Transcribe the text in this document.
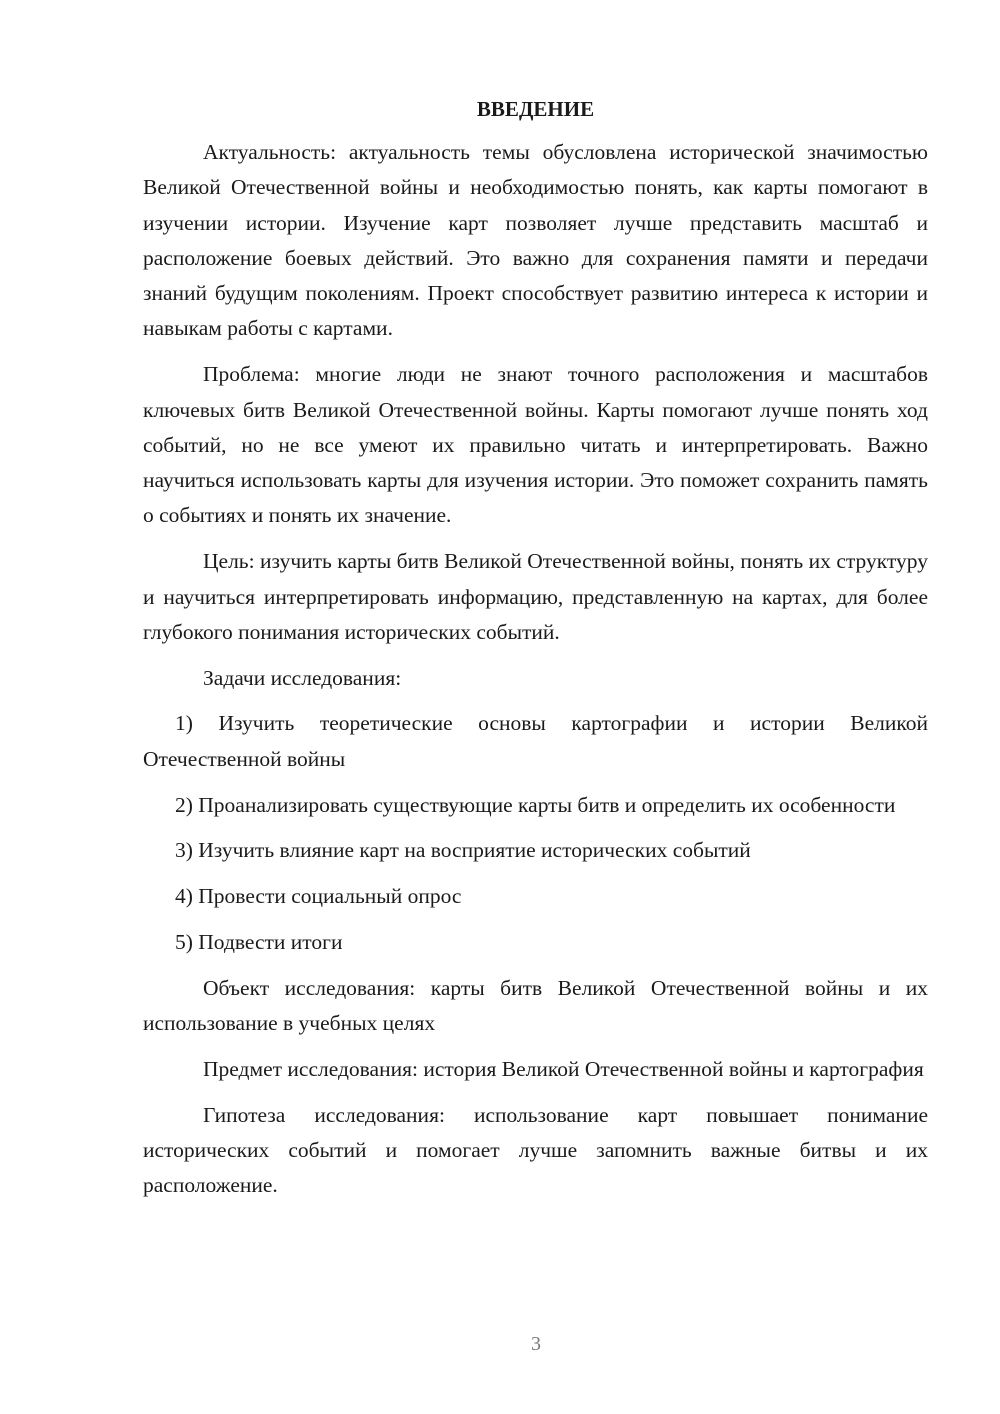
ВВЕДЕНИЕ

Актуальность: актуальность темы обусловлена исторической значимостью Великой Отечественной войны и необходимостью понять, как карты помогают в изучении истории. Изучение карт позволяет лучше представить масштаб и расположение боевых действий. Это важно для сохранения памяти и передачи знаний будущим поколениям. Проект способствует развитию интереса к истории и навыкам работы с картами.

Проблема: многие люди не знают точного расположения и масштабов ключевых битв Великой Отечественной войны. Карты помогают лучше понять ход событий, но не все умеют их правильно читать и интерпретировать. Важно научиться использовать карты для изучения истории. Это поможет сохранить память о событиях и понять их значение.

Цель: изучить карты битв Великой Отечественной войны, понять их структуру и научиться интерпретировать информацию, представленную на картах, для более глубокого понимания исторических событий.

Задачи исследования:

1) Изучить теоретические основы картографии и истории Великой Отечественной войны

2) Проанализировать существующие карты битв и определить их особенности

3) Изучить влияние карт на восприятие исторических событий

4) Провести социальный опрос

5) Подвести итоги

Объект исследования: карты битв Великой Отечественной войны и их использование в учебных целях

Предмет исследования: история Великой Отечественной войны и картография

Гипотеза исследования: использование карт повышает понимание исторических событий и помогает лучше запомнить важные битвы и их расположение.

3
